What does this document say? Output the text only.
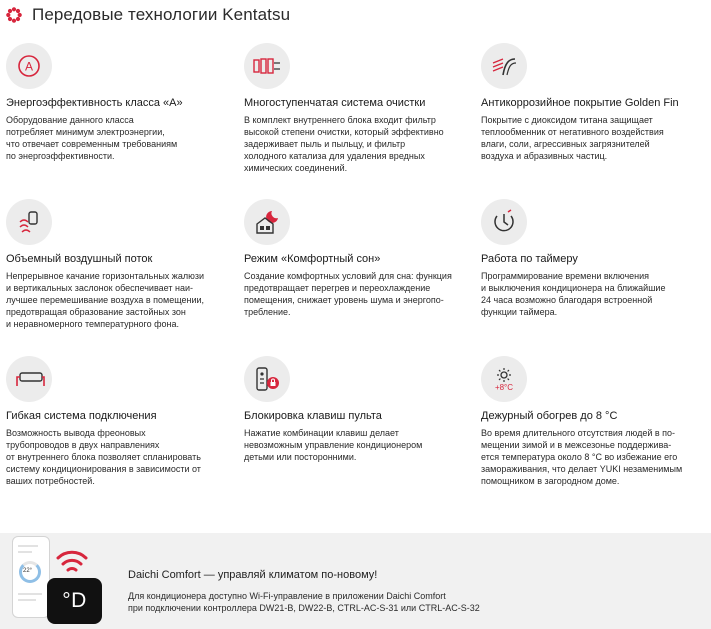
Передовые технологии Kentatsu
A
Энергоэффективность класса «А»
Оборудование данного класса
потребляет минимум электроэнергии,
что отвечает современным требованиям
по энергоэффективности.
Многоступенчатая система очистки
В комплект внутреннего блока входит фильтр
высокой степени очистки, который эффективно
задерживает пыль и пыльцу, и фильтр
холодного катализа для удаления вредных
химических соединений.
Антикоррозийное покрытие Golden Fin
Покрытие с диоксидом титана защищает
теплообменник от негативного воздействия
влаги, соли, агрессивных загрязнителей
воздуха и абразивных частиц.
Объемный воздушный поток
Непрерывное качание горизонтальных жалюзи
и вертикальных заслонок обеспечивает наи-
лучшее перемешивание воздуха в помещении,
предотвращая образование застойных зон
и неравномерного температурного фона.
Режим «Комфортный сон»
Создание комфортных условий для сна: функция
предотвращает перегрев и переохлаждение
помещения, снижает уровень шума и энергопо-
требление.
Работа по таймеру
Программирование времени включения
и выключения кондиционера на ближайшие
24 часа возможно благодаря встроенной
функции таймера.
Гибкая система подключения
Возможность вывода фреоновых
трубопроводов в двух направлениях
от внутреннего блока позволяет спланировать
систему кондиционирования в зависимости от
ваших потребностей.
Блокировка клавиш пульта
Нажатие комбинации клавиш делает
невозможным управление кондиционером
детьми или посторонними.
+8°C
Дежурный обогрев до 8 °С
Во время длительного отсутствия людей в по-
мещении зимой и в межсезонье поддержива-
ется температура около 8 °С во избежание его
замораживания, что делает YUKI незаменимым
помощником в загородном доме.
22°
°D
Daichi Comfort — управляй климатом по-новому!
Для кондиционера доступно Wi-Fi-управление в приложении Daichi Comfort
при подключении контроллера DW21-B, DW22-B, CTRL-AC-S-31 или CTRL-AC-S-32
